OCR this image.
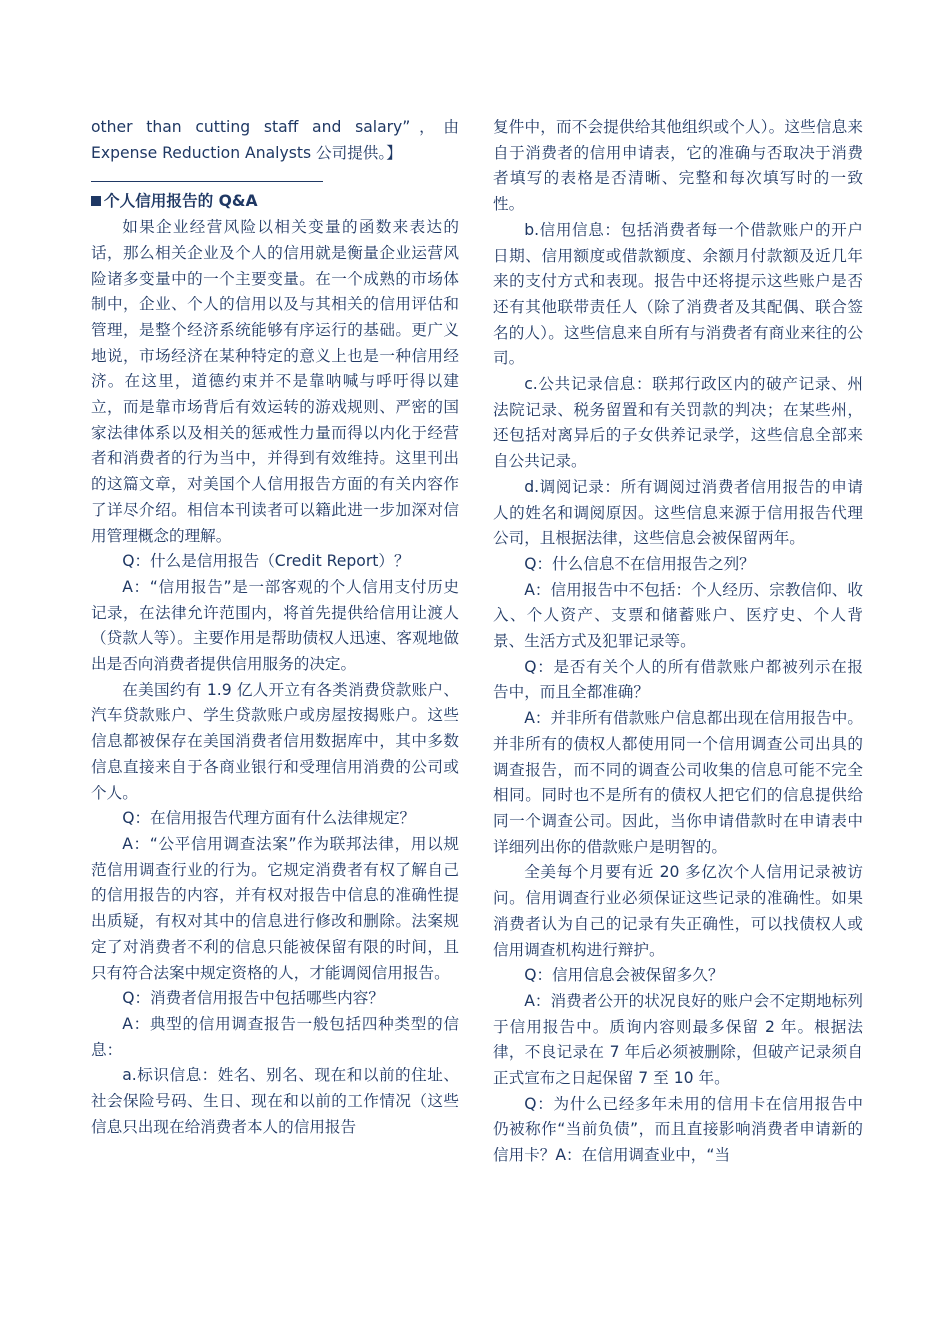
other than cutting staff and salary”，由 Expense Reduction Analysts 公司提供。】

个人信用报告的 Q&A

如果企业经营风险以相关变量的函数来表达的话，那么相关企业及个人的信用就是衡量企业运营风险诸多变量中的一个主要变量。在一个成熟的市场体制中，企业、个人的信用以及与其相关的信用评估和管理，是整个经济系统能够有序运行的基础。更广义地说，市场经济在某种特定的意义上也是一种信用经济。在这里，道德约束并不是靠呐喊与呼吁得以建立，而是靠市场背后有效运转的游戏规则、严密的国家法律体系以及相关的惩戒性力量而得以内化于经营者和消费者的行为当中，并得到有效维持。这里刊出的这篇文章，对美国个人信用报告方面的有关内容作了详尽介绍。相信本刊读者可以籍此进一步加深对信用管理概念的理解。

Q：什么是信用报告（Credit Report）？

A：“信用报告”是一部客观的个人信用支付历史记录，在法律允许范围内，将首先提供给信用让渡人（贷款人等）。主要作用是帮助债权人迅速、客观地做出是否向消费者提供信用服务的决定。

在美国约有 1.9 亿人开立有各类消费贷款账户、汽车贷款账户、学生贷款账户或房屋按揭账户。这些信息都被保存在美国消费者信用数据库中，其中多数信息直接来自于各商业银行和受理信用消费的公司或个人。

Q：在信用报告代理方面有什么法律规定？

A：“公平信用调查法案”作为联邦法律，用以规范信用调查行业的行为。它规定消费者有权了解自己的信用报告的内容，并有权对报告中信息的准确性提出质疑，有权对其中的信息进行修改和删除。法案规定了对消费者不利的信息只能被保留有限的时间，且只有符合法案中规定资格的人，才能调阅信用报告。

Q：消费者信用报告中包括哪些内容？

A：典型的信用调查报告一般包括四种类型的信息：

a.标识信息：姓名、别名、现在和以前的住址、社会保险号码、生日、现在和以前的工作情况（这些信息只出现在给消费者本人的信用报告

复件中，而不会提供给其他组织或个人）。这些信息来自于消费者的信用申请表，它的准确与否取决于消费者填写的表格是否清晰、完整和每次填写时的一致性。

b.信用信息：包括消费者每一个借款账户的开户日期、信用额度或借款额度、余额月付款额及近几年来的支付方式和表现。报告中还将提示这些账户是否还有其他联带责任人（除了消费者及其配偶、联合签名的人）。这些信息来自所有与消费者有商业来往的公司。

c.公共记录信息：联邦行政区内的破产记录、州法院记录、税务留置和有关罚款的判决；在某些州，还包括对离异后的子女供养记录学，这些信息全部来自公共记录。

d.调阅记录：所有调阅过消费者信用报告的申请人的姓名和调阅原因。这些信息来源于信用报告代理公司，且根据法律，这些信息会被保留两年。

Q：什么信息不在信用报告之列？

A：信用报告中不包括：个人经历、宗教信仰、收入、个人资产、支票和储蓄账户、医疗史、个人背景、生活方式及犯罪记录等。

Q：是否有关个人的所有借款账户都被列示在报告中，而且全都准确？

A：并非所有借款账户信息都出现在信用报告中。并非所有的债权人都使用同一个信用调查公司出具的调查报告，而不同的调查公司收集的信息可能不完全相同。同时也不是所有的债权人把它们的信息提供给同一个调查公司。因此，当你申请借款时在申请表中详细列出你的借款账户是明智的。

全美每个月要有近 20 多亿次个人信用记录被访问。信用调查行业必须保证这些记录的准确性。如果消费者认为自己的记录有失正确性，可以找债权人或信用调查机构进行辩护。

Q：信用信息会被保留多久？

A：消费者公开的状况良好的账户会不定期地标列于信用报告中。质询内容则最多保留 2 年。根据法律，不良记录在 7 年后必须被删除，但破产记录须自正式宣布之日起保留 7 至 10 年。

Q：为什么已经多年未用的信用卡在信用报告中仍被称作“当前负债”，而且直接影响消费者申请新的信用卡？A：在信用调查业中，“当
